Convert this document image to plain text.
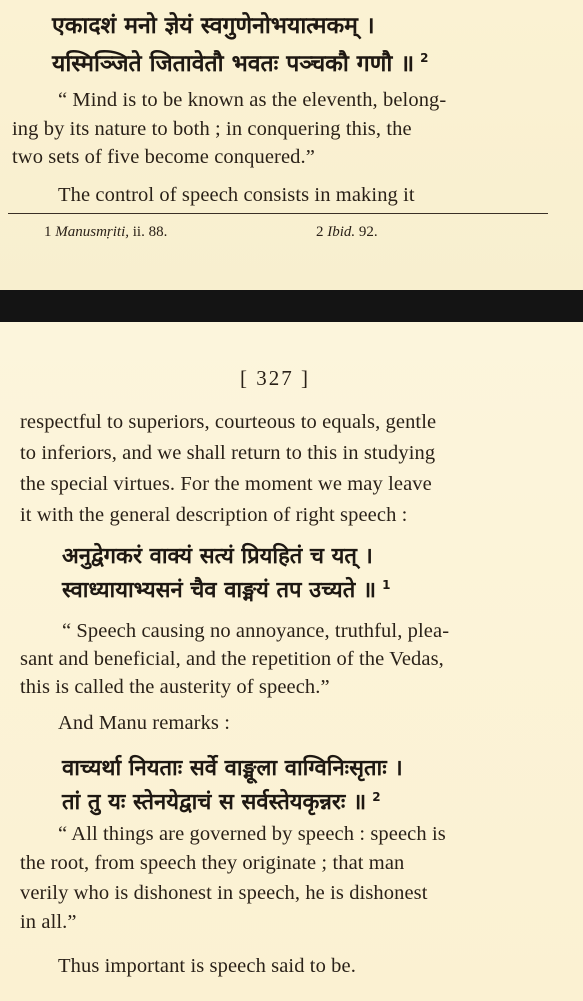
एकादशं मनो ज्ञेयं स्वगुणेनोभयात्मकम् ।
यस्मिञ्जिते जितावेतौ भवतः पञ्चकौ गणौ ॥ $^2$
“ Mind is to be known as the eleventh, belong-
ing by its nature to both ; in conquering this, the
two sets of five become conquered.”
The control of speech consists in making it
1 Manusmṛiti, ii. 88.	2 Ibid. 92.
[ 327 ]
respectful to superiors, courteous to equals, gentle
to inferiors, and we shall return to this in studying
the special virtues. For the moment we may leave
it with the general description of right speech :
अनुद्वेगकरं वाक्यं सत्यं प्रियहितं च यत् ।
स्वाध्यायाभ्यसनं चैव वाङ्मयं तप उच्यते ॥ $^1$
“ Speech causing no annoyance, truthful, plea-
sant and beneficial, and the repetition of the Vedas,
this is called the austerity of speech.”
And Manu remarks :
वाच्यर्था नियताः सर्वे वाङ्मूला वाग्विनिःसृताः ।
तां तु यः स्तेनयेद्वाचं स सर्वस्तेयकृन्नरः ॥ $^2$
“ All things are governed by speech : speech is
the root, from speech they originate ; that man
verily who is dishonest in speech, he is dishonest
in all.”
Thus important is speech said to be.
